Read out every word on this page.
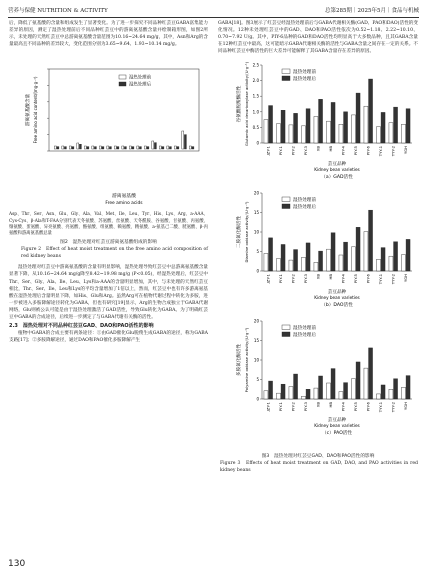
营养与保健 NUTRITION & ACTIVITY	总第285期｜2025年5月｜食品与机械

后，降低了氨基酸的含量和组成发生了显著变化。为了进一步探究不同品种红芸豆GABA富集能力差异的原因，测定了湿热处理前后不同品种红芸豆中的游离氨基酸含量并绘制箱形图，如图2所示，未处理的天然红芸豆中总游离氨基酸含量范围为10.16~24.64 mg/g，其中，Asn和Arg的含量最高且不同品种的差异较大，变化范围分别为3.65~9.64、1.93~10.14 mg/g。

湿热处理前
湿热处理后
游离氨基酸含量 Free amino acid content/(mg·g⁻¹)
游离氨基酸
Free amino acids

Asp、Thr、Ser、Asn、Glu、Gly、Ala、Val、Met、Ile、Leu、Tyr、His、Lys、Arg、a-AAA、Cys-Cys、β-Ala和T-FAA分别代表天冬氨酸、苏氨酸、丝氨酸、天冬酰胺、谷氨酸、甘氨酸、丙氨酸、缬氨酸、蛋氨酸、异亮氨酸、亮氨酸、酪氨酸、组氨酸、赖氨酸、精氨酸、a-氨基己二酸、胱氨酸、β-丙氨酸和游离氨基酸总量

图2　湿热处理对红芸豆游离氨基酸组成的影响

Figure 2　Effect of heat moist treatment on the free amino acid composition of red kidney beans

湿热处理对红芸豆中游离氨基酸的含量有明显影响，湿热处理导致红芸豆中总游离氨基酸含量显著下降，从10.16~24.64 mg/g降至8.42~19.98 mg/g (P<0.05)，经湿热处理后，红芸豆中Thr、Ser、Gly、Ala、Ile、Leu、Lys和a-AAA的含量明显增加，其中，与未处理的天然红芸豆相比，Thr、Ser、Ile、Leu和Lys的平均含量增加了1倍以上，然而，红芸豆中也有许多游离氨基酸在湿热处理后含量明显下降，如His、Glu和Arg。虽然Arg可在植物代谢过程中转化为多胺，进一步被进入多胺降解途径转化为GABA，但也有研究[19]显示，Arg的生物合成独立于GABA代谢网络，Glu则被公认可能是由于湿热处理激活了GAD活性，导致Glu转化为GABA。为了明确红芸豆中GABA的合成途径，后续进一步测定了与GABA代谢有关酶的活性。

2.3　湿热处理对不同品种红芸豆GAD、DAO和PAO活性的影响

植物中GABA的合成主要有两条途径：①由GAD催化Glu脱羧生成GABA的途径，称为GABA支路[17]；②多胺降解途径，通过DAO和PAO催化多胺降解产生

GABA[18]。图3展示了红芸豆经湿热处理前后与GABA代谢相关酶(GAD、PAO和DAO)活性的变化情况。12种未处理红芸豆中的GAD、DAO和PAO活性依次为0.52~1.18、2.22~10.10、0.70~7.92 U/g。其中，PIY-6品种的GAD和DAO活性均明显高于大多数品种，且其GABA含量在12种红芸豆中最高，这可能暗示GABA代谢相关酶的活性与GABA含量之间存在一定的关系。不同品种红芸豆中酶活性的巨大差异可能解释了其GABA含量存在差异的原因。

0
0.5
1.0
1.5
2.0
2.5
JZY-1 PIY-1 PIY-2 PIY-3 XB HB PIY-4 PIY-5 PIY-6 TYY-1 TYY-2 YGH
湿热处理前
湿热处理后
谷氨酸脱羧酶活性 Glutamic acid decarboxylase activity/(U·g⁻¹)
芸豆品种
Kidney bean varieties
（a）GAD活性
0
5
10
15
20
JZY-1 PIY-1 PIY-2 PIY-3 XB HB PIY-4 PIY-5 PIY-6 TYY-1 TYY-2 YGH
湿热处理前
湿热处理后
二胺氧化酶活性 Diamine oxidase activity/(U·g⁻¹)
芸豆品种
Kidney bean varieties
（b）DAO活性
0
5
10
15
20
JZY-1 PIY-1 PIY-2 PIY-3 XB HB PIY-4 PIY-5 PIY-6 TYY-1 TYY-2 YGH
湿热处理前
湿热处理后
多胺氧化酶活性 Polyamine oxidase activity/(U·g⁻¹)
芸豆品种
Kidney bean varieties
（c）PAO活性

图3　湿热处理对红芸豆GAD、DAO和PAO活性的影响

Figure 3　Effects of heat moist treatment on GAD, DAO, and PAO activities in red kidney beans

130
